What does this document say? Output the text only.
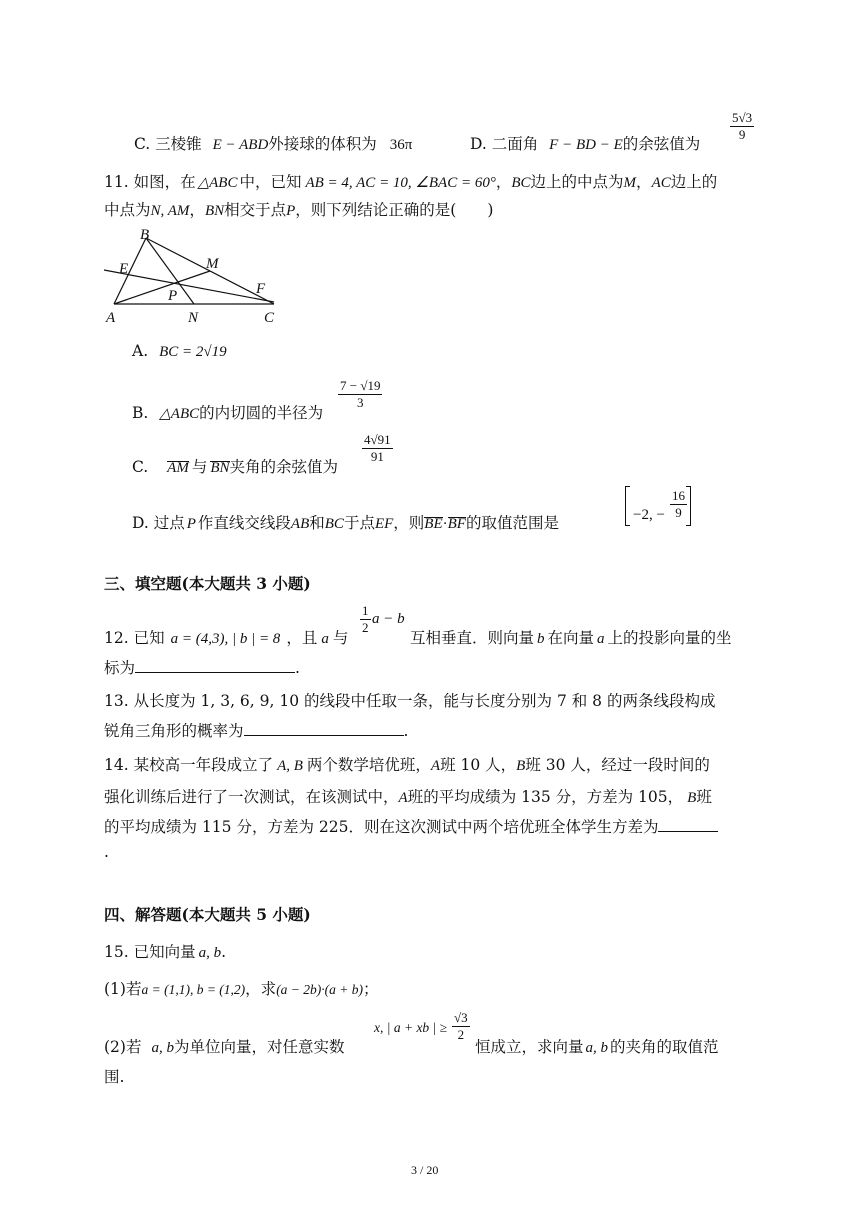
C. 三棱锥 E − ABD外接球的体积为 36π	D. 二面角 F − BD − E的余弦值为
$\frac{5√3}{9}$
11. 如图，在 △ABC 中，已知 AB = 4, AC = 10, ∠BAC = 60°，BC边上的中点为M，AC边上的
中点为N, AM，BN相交于点P，则下列结论正确的是(　　)
B
E	M
P	F
A	N	C
A. BC = 2√19
B. △ABC的内切圆的半径为
$\frac{7 - √19}{3}$
C. AM 与 BN夹角的余弦值为
$\frac{4√91}{91}$
D. 过点 P 作直线交线段AB和BC于点EF，则BE·BF的取值范围是	−2, − $\frac{16}{9}$
三、填空题(本大题共 3 小题)
12. 已知 a = (4,3), | b | = 8 ，且 a 与
$\frac{1}{2}$ a − b
互相垂直．则向量 b 在向量 a 上的投影向量的坐
标为	.
13. 从长度为 1, 3, 6, 9, 10 的线段中任取一条，能与长度分别为 7 和 8 的两条线段构成
锐角三角形的概率为	.
14. 某校高一年段成立了 A, B 两个数学培优班，A班 10 人，B班 30 人，经过一段时间的
强化训练后进行了一次测试，在该测试中，A班的平均成绩为 135 分，方差为 105， B班
的平均成绩为 115 分，方差为 225．则在这次测试中两个培优班全体学生方差为
.
四、解答题(本大题共 5 小题)
15. 已知向量 a, b.
(1)若a = (1,1), b = (1,2)，求(a − 2b)·(a + b)；
(2)若 a, b为单位向量，对任意实数
x, | a + xb | ≥ $\frac{√3}{2}$
恒成立，求向量 a, b 的夹角的取值范
围.
3 / 20
